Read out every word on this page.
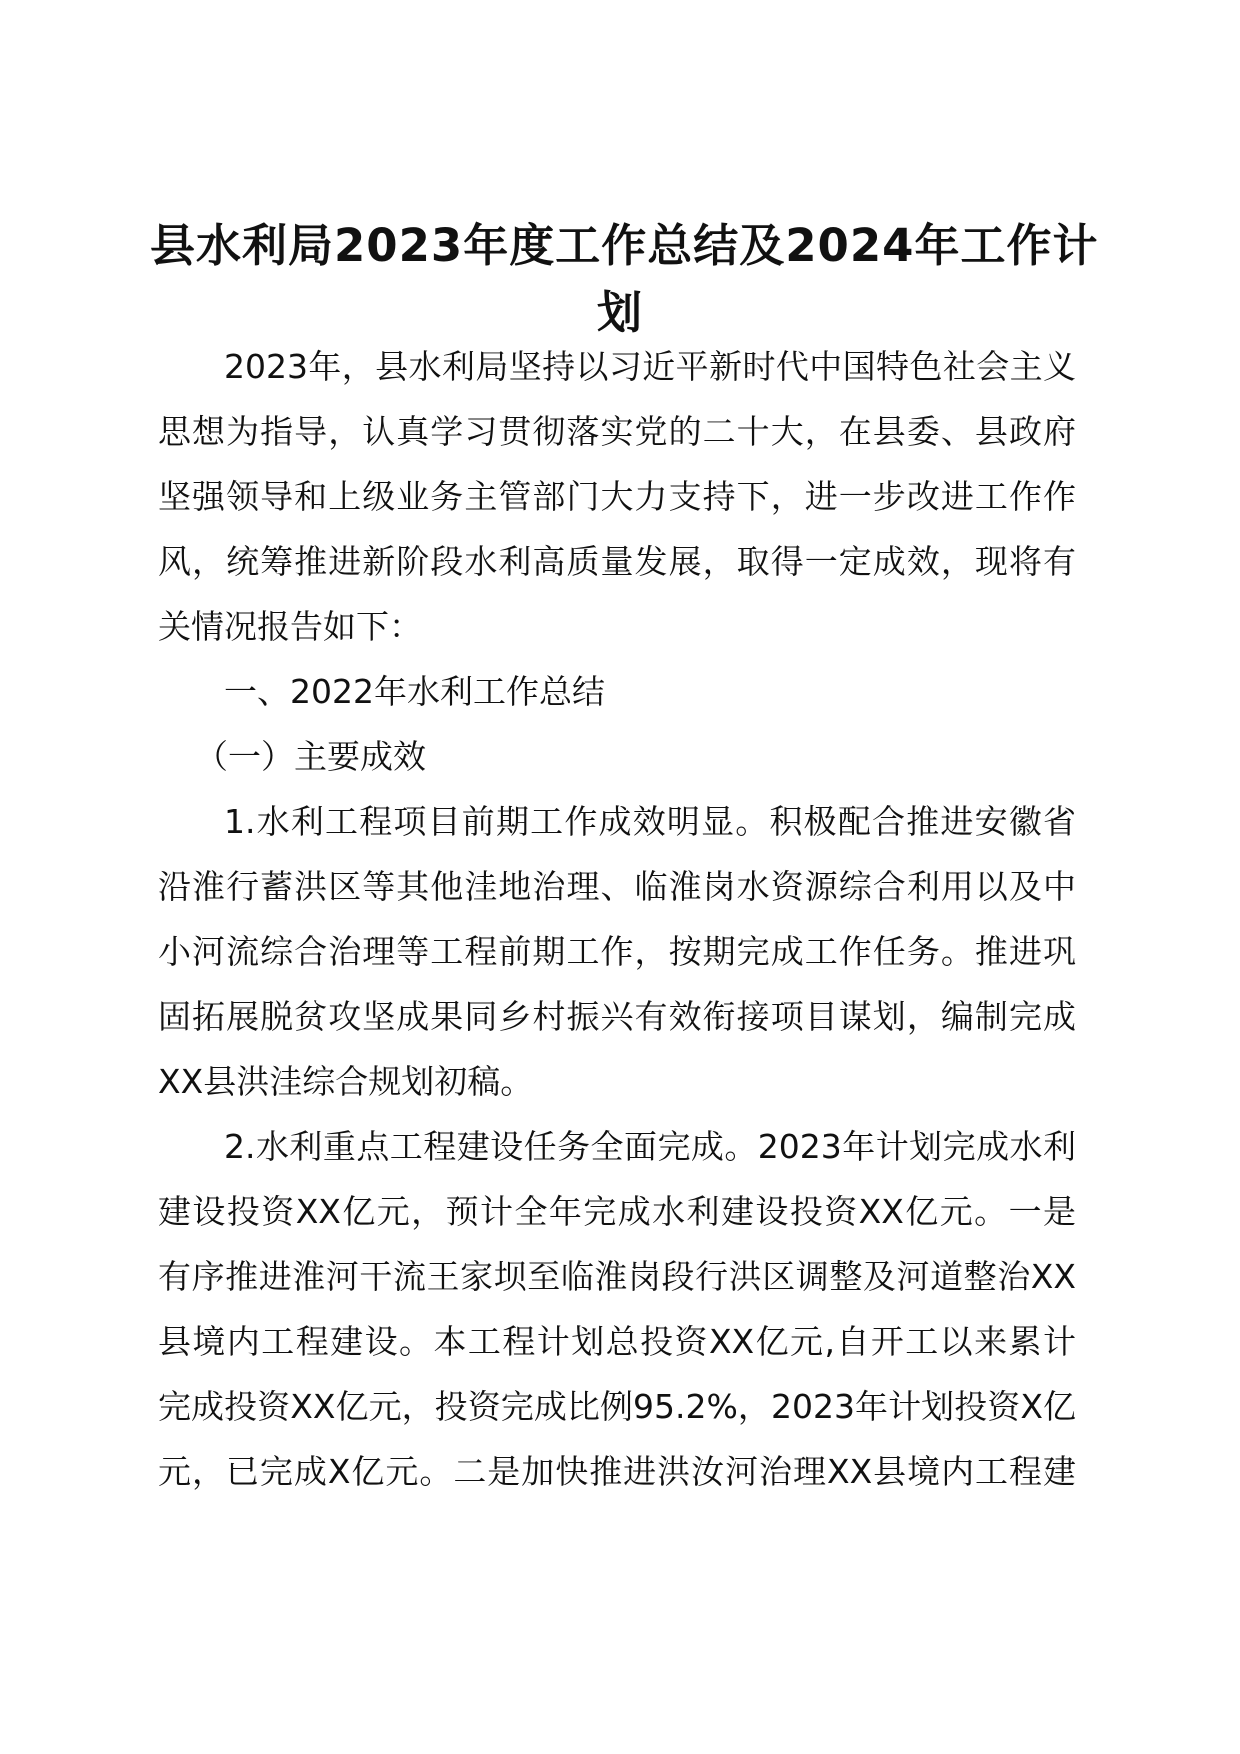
县水利局2023年度工作总结及2024年工作计
划
2023年，县水利局坚持以习近平新时代中国特色社会主义
思想为指导，认真学习贯彻落实党的二十大，在县委、县政府
坚强领导和上级业务主管部门大力支持下，进一步改进工作作
风，统筹推进新阶段水利高质量发展，取得一定成效，现将有
关情况报告如下：
一、2022年水利工作总结
（一）主要成效
1.水利工程项目前期工作成效明显。积极配合推进安徽省
沿淮行蓄洪区等其他洼地治理、临淮岗水资源综合利用以及中
小河流综合治理等工程前期工作，按期完成工作任务。推进巩
固拓展脱贫攻坚成果同乡村振兴有效衔接项目谋划，编制完成
XX县洪洼综合规划初稿。
2.水利重点工程建设任务全面完成。2023年计划完成水利
建设投资XX亿元，预计全年完成水利建设投资XX亿元。一是
有序推进淮河干流王家坝至临淮岗段行洪区调整及河道整治XX
县境内工程建设。本工程计划总投资XX亿元,自开工以来累计
完成投资XX亿元，投资完成比例95.2%，2023年计划投资X亿
元，已完成X亿元。二是加快推进洪汝河治理XX县境内工程建
